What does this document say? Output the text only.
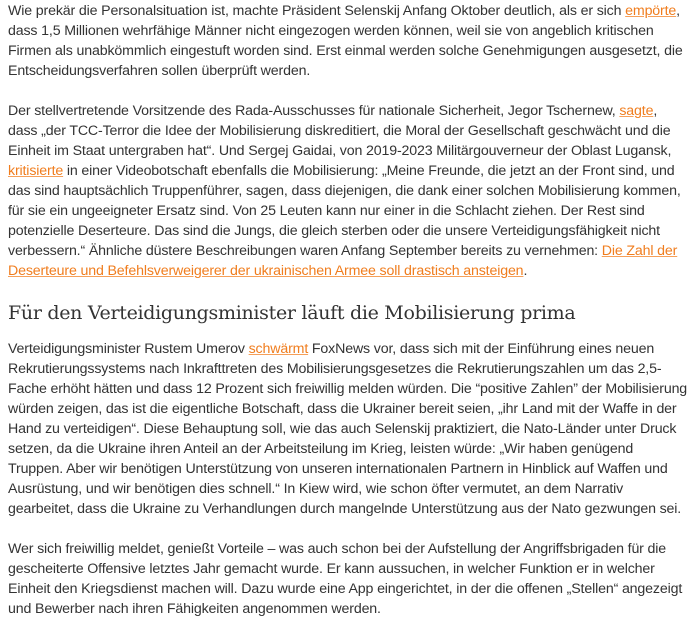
Wie prekär die Personalsituation ist, machte Präsident Selenskij Anfang Oktober deutlich, als er sich empörte, dass 1,5 Millionen wehrfähige Männer nicht eingezogen werden können, weil sie von angeblich kritischen Firmen als unabkömmlich eingestuft worden sind. Erst einmal werden solche Genehmigungen ausgesetzt, die Entscheidungsverfahren sollen überprüft werden.

Der stellvertretende Vorsitzende des Rada-Ausschusses für nationale Sicherheit, Jegor Tschernew, sagte, dass „der TCC-Terror die Idee der Mobilisierung diskreditiert, die Moral der Gesellschaft geschwächt und die Einheit im Staat untergraben hat“. Und Sergej Gaidai, von 2019-2023 Militärgouverneur der Oblast Lugansk, kritisierte in einer Videobotschaft ebenfalls die Mobilisierung: „Meine Freunde, die jetzt an der Front sind, und das sind hauptsächlich Truppenführer, sagen, dass diejenigen, die dank einer solchen Mobilisierung kommen, für sie ein ungeeigneter Ersatz sind. Von 25 Leuten kann nur einer in die Schlacht ziehen. Der Rest sind potenzielle Deserteure. Das sind die Jungs, die gleich sterben oder die unsere Verteidigungsfähigkeit nicht verbessern.“ Ähnliche düstere Beschreibungen waren Anfang September bereits zu vernehmen: Die Zahl der Deserteure und Befehlsverweigerer der ukrainischen Armee soll drastisch ansteigen.

Für den Verteidigungsminister läuft die Mobilisierung prima

Verteidigungsminister Rustem Umerov schwärmt FoxNews vor, dass sich mit der Einführung eines neuen Rekrutierungssystems nach Inkrafttreten des Mobilisierungsgesetzes die Rekrutierungszahlen um das 2,5-Fache erhöht hätten und dass 12 Prozent sich freiwillig melden würden. Die “positive Zahlen” der Mobilisierung würden zeigen, das ist die eigentliche Botschaft, dass die Ukrainer bereit seien, „ihr Land mit der Waffe in der Hand zu verteidigen“. Diese Behauptung soll, wie das auch Selenskij praktiziert, die Nato-Länder unter Druck setzen, da die Ukraine ihren Anteil an der Arbeitsteilung im Krieg, leisten würde: „Wir haben genügend Truppen. Aber wir benötigen Unterstützung von unseren internationalen Partnern in Hinblick auf Waffen und Ausrüstung, und wir benötigen dies schnell.“ In Kiew wird, wie schon öfter vermutet, an dem Narrativ gearbeitet, dass die Ukraine zu Verhandlungen durch mangelnde Unterstützung aus der Nato gezwungen sei.

Wer sich freiwillig meldet, genießt Vorteile – was auch schon bei der Aufstellung der Angriffsbrigaden für die gescheiterte Offensive letztes Jahr gemacht wurde. Er kann aussuchen, in welcher Funktion er in welcher Einheit den Kriegsdienst machen will. Dazu wurde eine App eingerichtet, in der die offenen „Stellen“ angezeigt und Bewerber nach ihren Fähigkeiten angenommen werden.
